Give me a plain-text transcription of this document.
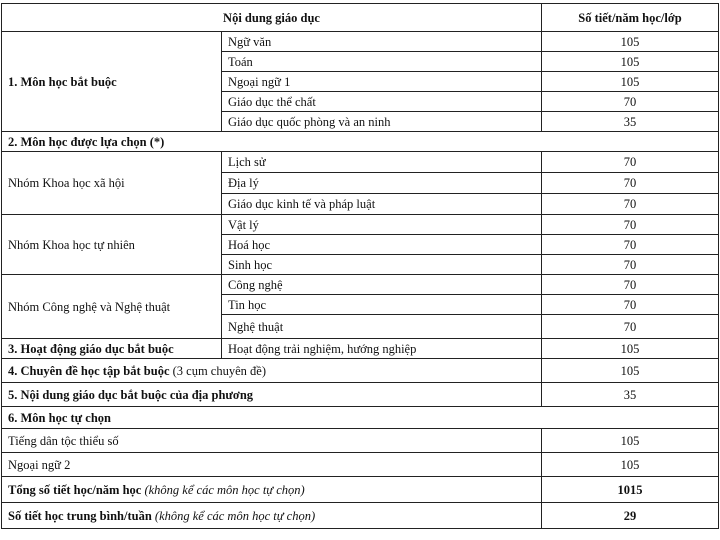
Nội dung giáo dục		Số tiết/năm học/lớp
1. Môn học bắt buộc	Ngữ văn	105
	Toán	105
	Ngoại ngữ 1	105
	Giáo dục thể chất	70
	Giáo dục quốc phòng và an ninh	35
2. Môn học được lựa chọn (*)		
Nhóm Khoa học xã hội	Lịch sử	70
	Địa lý	70
	Giáo dục kinh tế và pháp luật	70
Nhóm Khoa học tự nhiên	Vật lý	70
	Hoá học	70
	Sinh học	70
Nhóm Công nghệ và Nghệ thuật	Công nghệ	70
	Tin học	70
	Nghệ thuật	70
3. Hoạt động giáo dục bắt buộc	Hoạt động trải nghiệm, hướng nghiệp	105
4. Chuyên đề học tập bắt buộc (3 cụm chuyên đề)		105
5. Nội dung giáo dục bắt buộc của địa phương		35
6. Môn học tự chọn		
Tiếng dân tộc thiểu số		105
Ngoại ngữ 2		105
Tổng số tiết học/năm học (không kể các môn học tự chọn)		1015
Số tiết học trung bình/tuần (không kể các môn học tự chọn)		29
